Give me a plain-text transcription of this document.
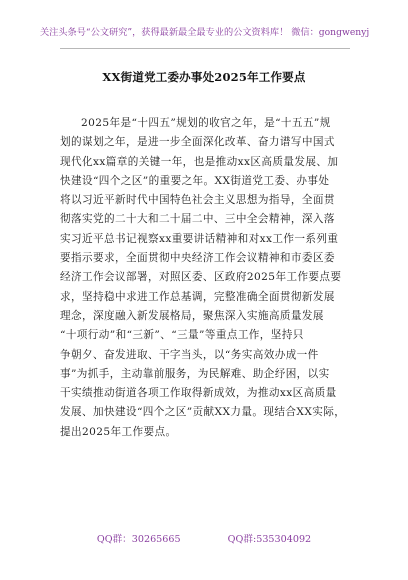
关注头条号“公文研究”，获得最新最全最专业的公文资料库！ 微信：gongwenyj
XX街道党工委办事处2025年工作要点
2025年是“十四五”规划的收官之年，是“十五五”规
划的谋划之年，是进一步全面深化改革、奋力谱写中国式
现代化xx篇章的关键一年，也是推动xx区高质量发展、加
快建设“四个之区”的重要之年。XX街道党工委、办事处
将以习近平新时代中国特色社会主义思想为指导，全面贯
彻落实党的二十大和二十届二中、三中全会精神，深入落
实习近平总书记视察xx重要讲话精神和对xx工作一系列重
要指示要求，全面贯彻中央经济工作会议精神和市委区委
经济工作会议部署，对照区委、区政府2025年工作要点要
求，坚持稳中求进工作总基调，完整准确全面贯彻新发展
理念，深度融入新发展格局，聚焦深入实施高质量发展
“十项行动”和“三新”、“三量”等重点工作，坚持只
争朝夕、奋发进取、干字当头，以“务实高效办成一件
事”为抓手，主动靠前服务，为民解难、助企纾困，以实
干实绩推动街道各项工作取得新成效，为推动xx区高质量
发展、加快建设“四个之区”贡献XX力量。现结合XX实际，
提出2025年工作要点。
QQ群：30265665	QQ群:535304092
